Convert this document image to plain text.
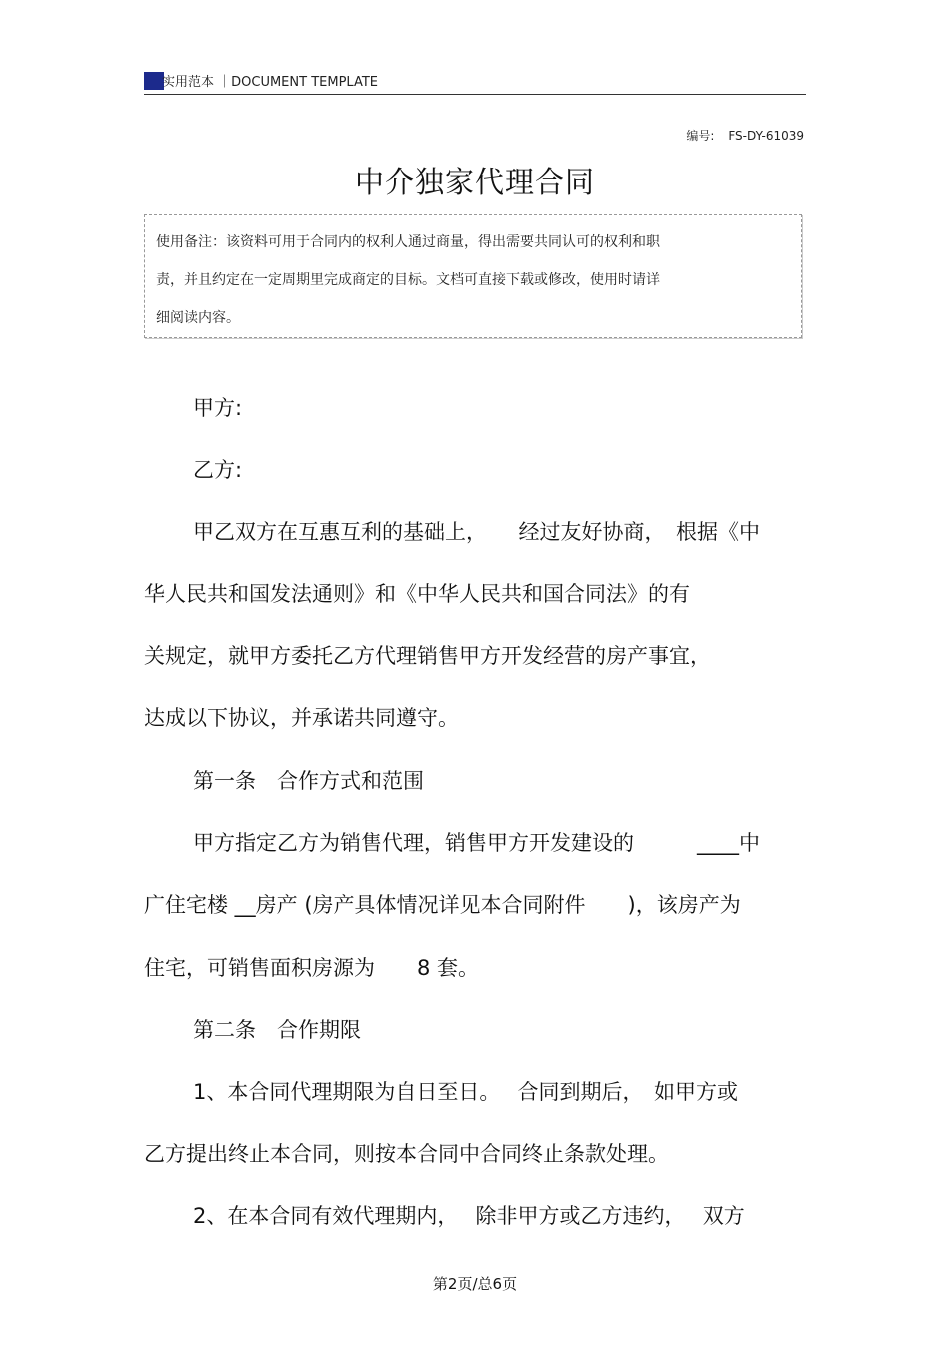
实用范本 ｜DOCUMENT TEMPLATE
编号: FS-DY-61039
中介独家代理合同
使用备注：该资料可用于合同内的权利人通过商量，得出需要共同认可的权利和职
责，并且约定在一定周期里完成商定的目标。文档可直接下载或修改，使用时请详
细阅读内容。
甲方:
乙方:
甲乙双方在互惠互利的基础上，　　经过友好协商，　根据《中
华人民共和国发法通则》和《中华人民共和国合同法》的有
关规定，就甲方委托乙方代理销售甲方开发经营的房产事宜，
达成以下协议，并承诺共同遵守。
第一条　合作方式和范围
甲方指定乙方为销售代理，销售甲方开发建设的　　　____中
广住宅楼 __房产 (房产具体情况详见本合同附件　　)，该房产为
住宅，可销售面积房源为　　8 套。
第二条　合作期限
1、本合同代理期限为自日至日。　 合同到期后，　如甲方或
乙方提出终止本合同，则按本合同中合同终止条款处理。
2、在本合同有效代理期内，　 除非甲方或乙方违约，　 双方
第2页/总6页
